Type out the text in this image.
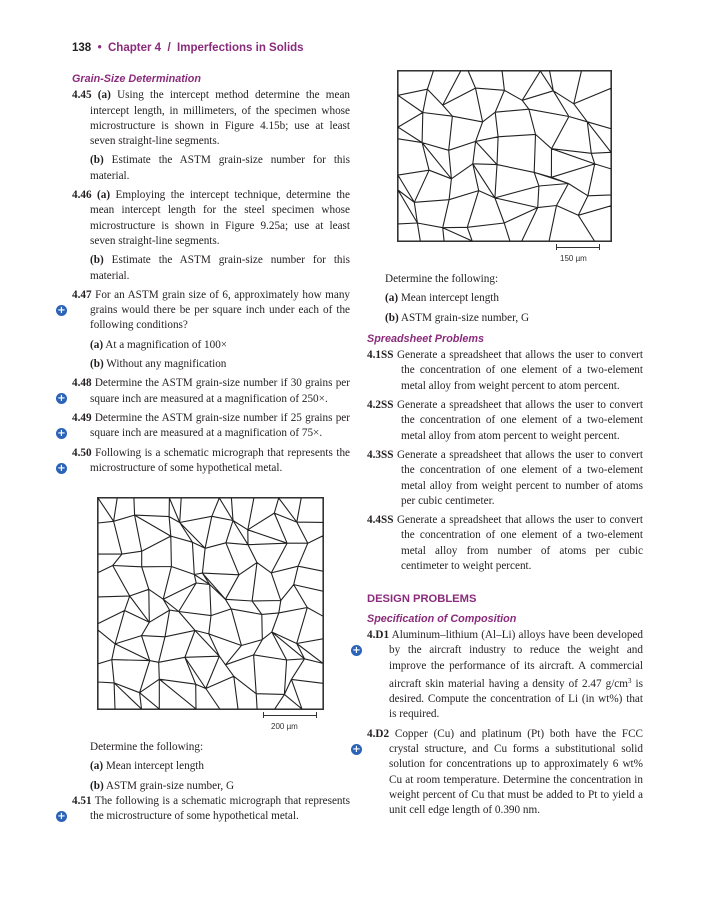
138 • Chapter 4 / Imperfections in Solids
Grain-Size Determination
4.45 (a) Using the intercept method determine the mean intercept length, in millimeters, of the specimen whose microstructure is shown in Figure 4.15b; use at least seven straight-line segments.
(b) Estimate the ASTM grain-size number for this material.
4.46 (a) Employing the intercept technique, determine the mean intercept length for the steel specimen whose microstructure is shown in Figure 9.25a; use at least seven straight-line segments.
(b) Estimate the ASTM grain-size number for this material.
+
4.47 For an ASTM grain size of 6, approximately how many grains would there be per square inch under each of the following conditions?
(a) At a magnification of 100×
(b) Without any magnification
+
4.48 Determine the ASTM grain-size number if 30 grains per square inch are measured at a magnification of 250×.
+
4.49 Determine the ASTM grain-size number if 25 grains per square inch are measured at a magnification of 75×.
+
4.50 Following is a schematic micrograph that represents the microstructure of some hypothetical metal.
200 µm
Determine the following:
(a) Mean intercept length
(b) ASTM grain-size number, G
+
4.51 The following is a schematic micrograph that represents the microstructure of some hypothetical metal.
150 µm
Determine the following:
(a) Mean intercept length
(b) ASTM grain-size number, G
Spreadsheet Problems
4.1SS Generate a spreadsheet that allows the user to convert the concentration of one element of a two-element metal alloy from weight percent to atom percent.
4.2SS Generate a spreadsheet that allows the user to convert the concentration of one element of a two-element metal alloy from atom percent to weight percent.
4.3SS Generate a spreadsheet that allows the user to convert the concentration of one element of a two-element metal alloy from weight percent to number of atoms per cubic centimeter.
4.4SS Generate a spreadsheet that allows the user to convert the concentration of one element of a two-element metal alloy from number of atoms per cubic centimeter to weight percent.
DESIGN PROBLEMS
Specification of Composition
+
4.D1 Aluminum–lithium (Al–Li) alloys have been developed by the aircraft industry to reduce the weight and improve the performance of its aircraft. A commercial aircraft skin material having a density of 2.47 $g/cm^3$ is desired. Compute the concentration of Li (in wt%) that is required.
+
4.D2 Copper (Cu) and platinum (Pt) both have the FCC crystal structure, and Cu forms a substitutional solid solution for concentrations up to approximately 6 wt% Cu at room temperature. Determine the concentration in weight percent of Cu that must be added to Pt to yield a unit cell edge length of 0.390 nm.
